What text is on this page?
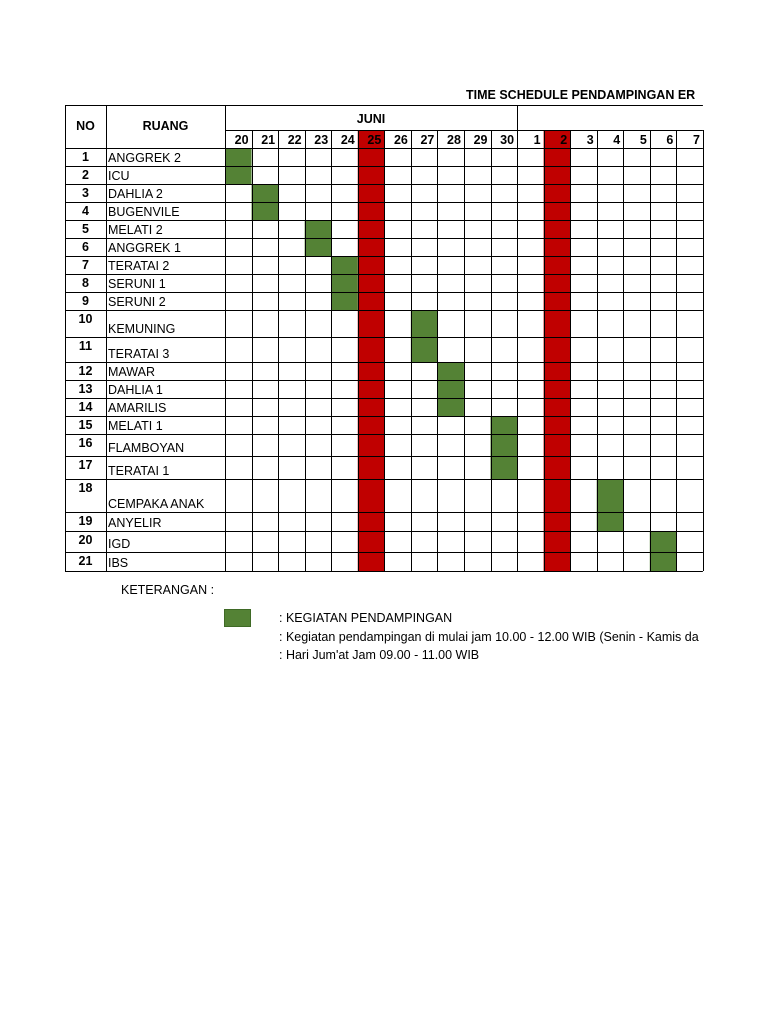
TIME SCHEDULE PENDAMPINGAN ER
NO	RUANG	JUNI
20 21 22 23 24 25 26 27 28 29 30 1 2 3 4 5 6 7
1 ANGGREK 2
2 ICU
3 DAHLIA 2
4 BUGENVILE
5 MELATI 2
6 ANGGREK 1
7 TERATAI 2
8 SERUNI 1
9 SERUNI 2
10
KEMUNING
11
TERATAI 3
12 MAWAR
13 DAHLIA 1
14 AMARILIS
15 MELATI 1
16 FLAMBOYAN
17 TERATAI 1
18
CEMPAKA ANAK
19 ANYELIR
20 IGD
21 IBS
KETERANGAN :
: KEGIATAN PENDAMPINGAN
: Kegiatan pendampingan di mulai jam 10.00 - 12.00 WIB (Senin - Kamis da
: Hari Jum'at Jam 09.00 - 11.00 WIB
